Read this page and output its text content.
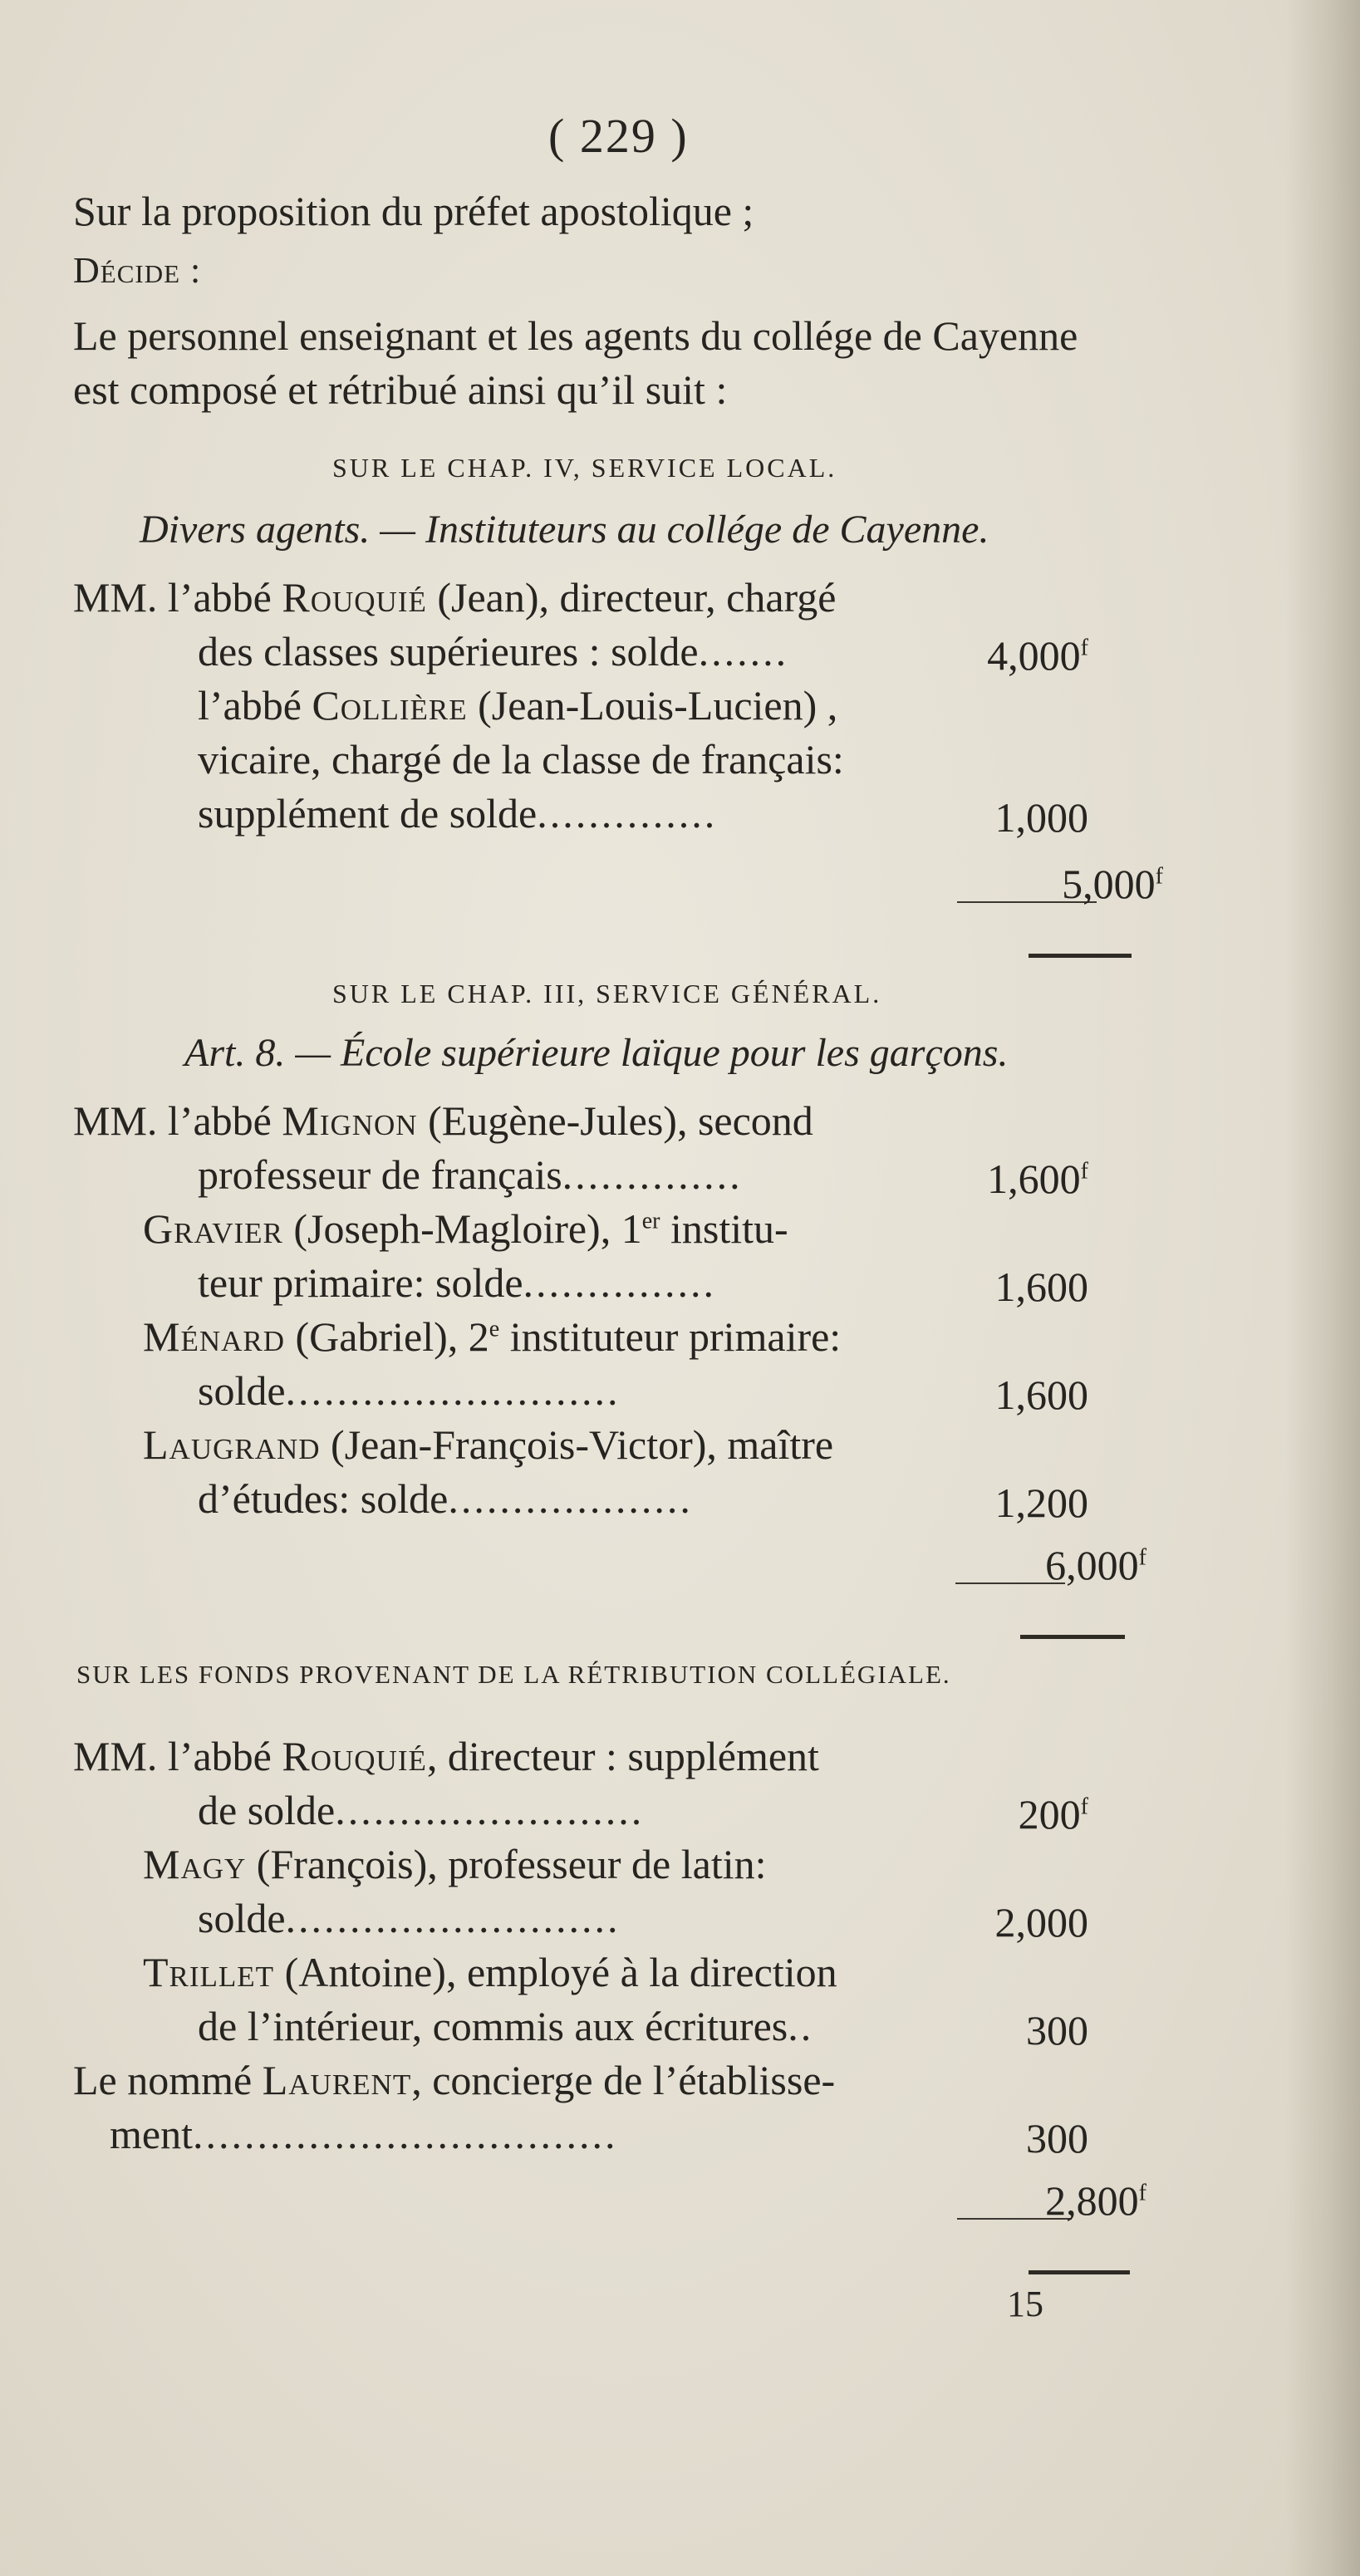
( 229 )
Sur la proposition du préfet apostolique ;
Décide :
Le personnel enseignant et les agents du collége de Cayenne
est composé et rétribué ainsi qu’il suit :
SUR LE CHAP. IV, SERVICE LOCAL.
Divers agents. — Instituteurs au collége de Cayenne.
MM. l’abbé Rouquié (Jean), directeur, chargé
des classes supérieures : solde.......	4,000$^f$
l’abbé Collière (Jean-Louis-Lucien) ,
vicaire, chargé de la classe de français:
supplément de solde..............	1,000
5,000$^f$
SUR LE CHAP. III, SERVICE GÉNÉRAL.
Art. 8. — École supérieure laïque pour les garçons.
MM. l’abbé Mignon (Eugène-Jules), second
professeur de français..............	1,600$^f$
Gravier (Joseph-Magloire), 1er institu-
teur primaire: solde...............	1,600
Ménard (Gabriel), 2e instituteur primaire:
solde..........................	1,600
Laugrand (Jean-François-Victor), maître
d’études: solde...................	1,200
6,000$^f$
SUR LES FONDS PROVENANT DE LA RÉTRIBUTION COLLÉGIALE.
MM. l’abbé Rouquié, directeur : supplément
de solde........................	200$^f$
Magy (François), professeur de latin:
solde..........................	2,000
Trillet (Antoine), employé à la direction
de l’intérieur, commis aux écritures..	300
Le nommé Laurent, concierge de l’établisse-
ment.................................	300
2,800$^f$
15
